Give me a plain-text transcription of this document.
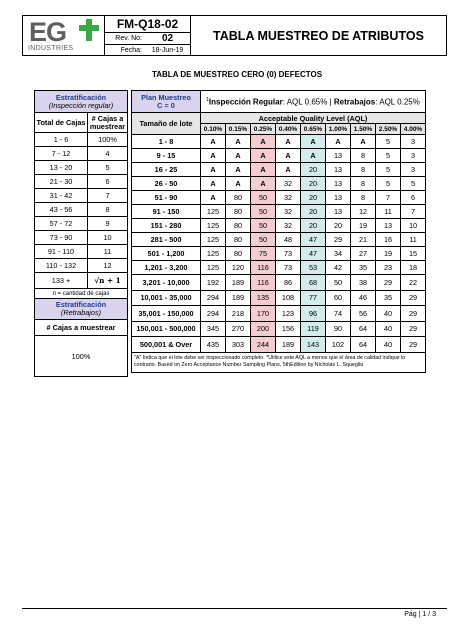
EG
INDUSTRIES
FM-Q18-02
Rev. No:	02
Fecha:	18-Jun-19
TABLA MUESTREO DE ATRIBUTOS
TABLA DE MUESTREO CERO (0) DEFECTOS
Estratificación
(Inspección regular)	

Total de Cajas	# Cajas a muestrear
1 - 6	100%
7 - 12	4
13 - 20	5
21 - 30	6
31 - 42	7
43 - 56	8
57 - 72	9
73 - 90	10
91 - 110	11
110 - 132	12
133 +	√n + 1
n = cantidad de cajas	

Estratificación
(Retrabajos)	

# Cajas a muestrear	
100%	
Plan Muestreo
C = 0	$^1$Inspección Regular: AQL 0.65% | Retrabajos: AQL 0.25%								

Tamaño de lote	Acceptable Quality Level (AQL)								
	0.10%	0.15%	0.25%	0.40%	0.65%	1.00%	1.50%	2.50%	4.00%
1 - 8	A	A	A	A	A	A	A	5	3
9 - 15	A	A	A	A	A	13	8	5	3
16 - 25	A	A	A	A	20	13	8	5	3
26 - 50	A	A	A	32	20	13	8	5	5
51 - 90	A	80	50	32	20	13	8	7	6
91 - 150	125	80	50	32	20	13	12	11	7
151 - 280	125	80	50	32	20	20	19	13	10
281 - 500	125	80	50	48	47	29	21	16	11
501 - 1,200	125	80	75	73	47	34	27	19	15
1,201 - 3,200	125	120	116	73	53	42	35	23	18
3,201 - 10,000	192	189	116	86	68	50	38	29	22
10,001 - 35,000	294	189	135	108	77	60	46	35	29
35,001 - 150,000	294	218	170	123	96	74	56	40	29
150,001 - 500,000	345	270	200	156	119	90	64	40	29
500,001 & Over	435	303	244	189	143	102	64	40	29
"A" Indica que el lote debe ser inspeccionado completo. *Utilice este AQL a menos que el área de calidad indique lo contrario. Based on Zero Acceptance Number Sampling Plans, 5thEdition by Nicholas L. Squeglia									
Pág | 1 / 3
